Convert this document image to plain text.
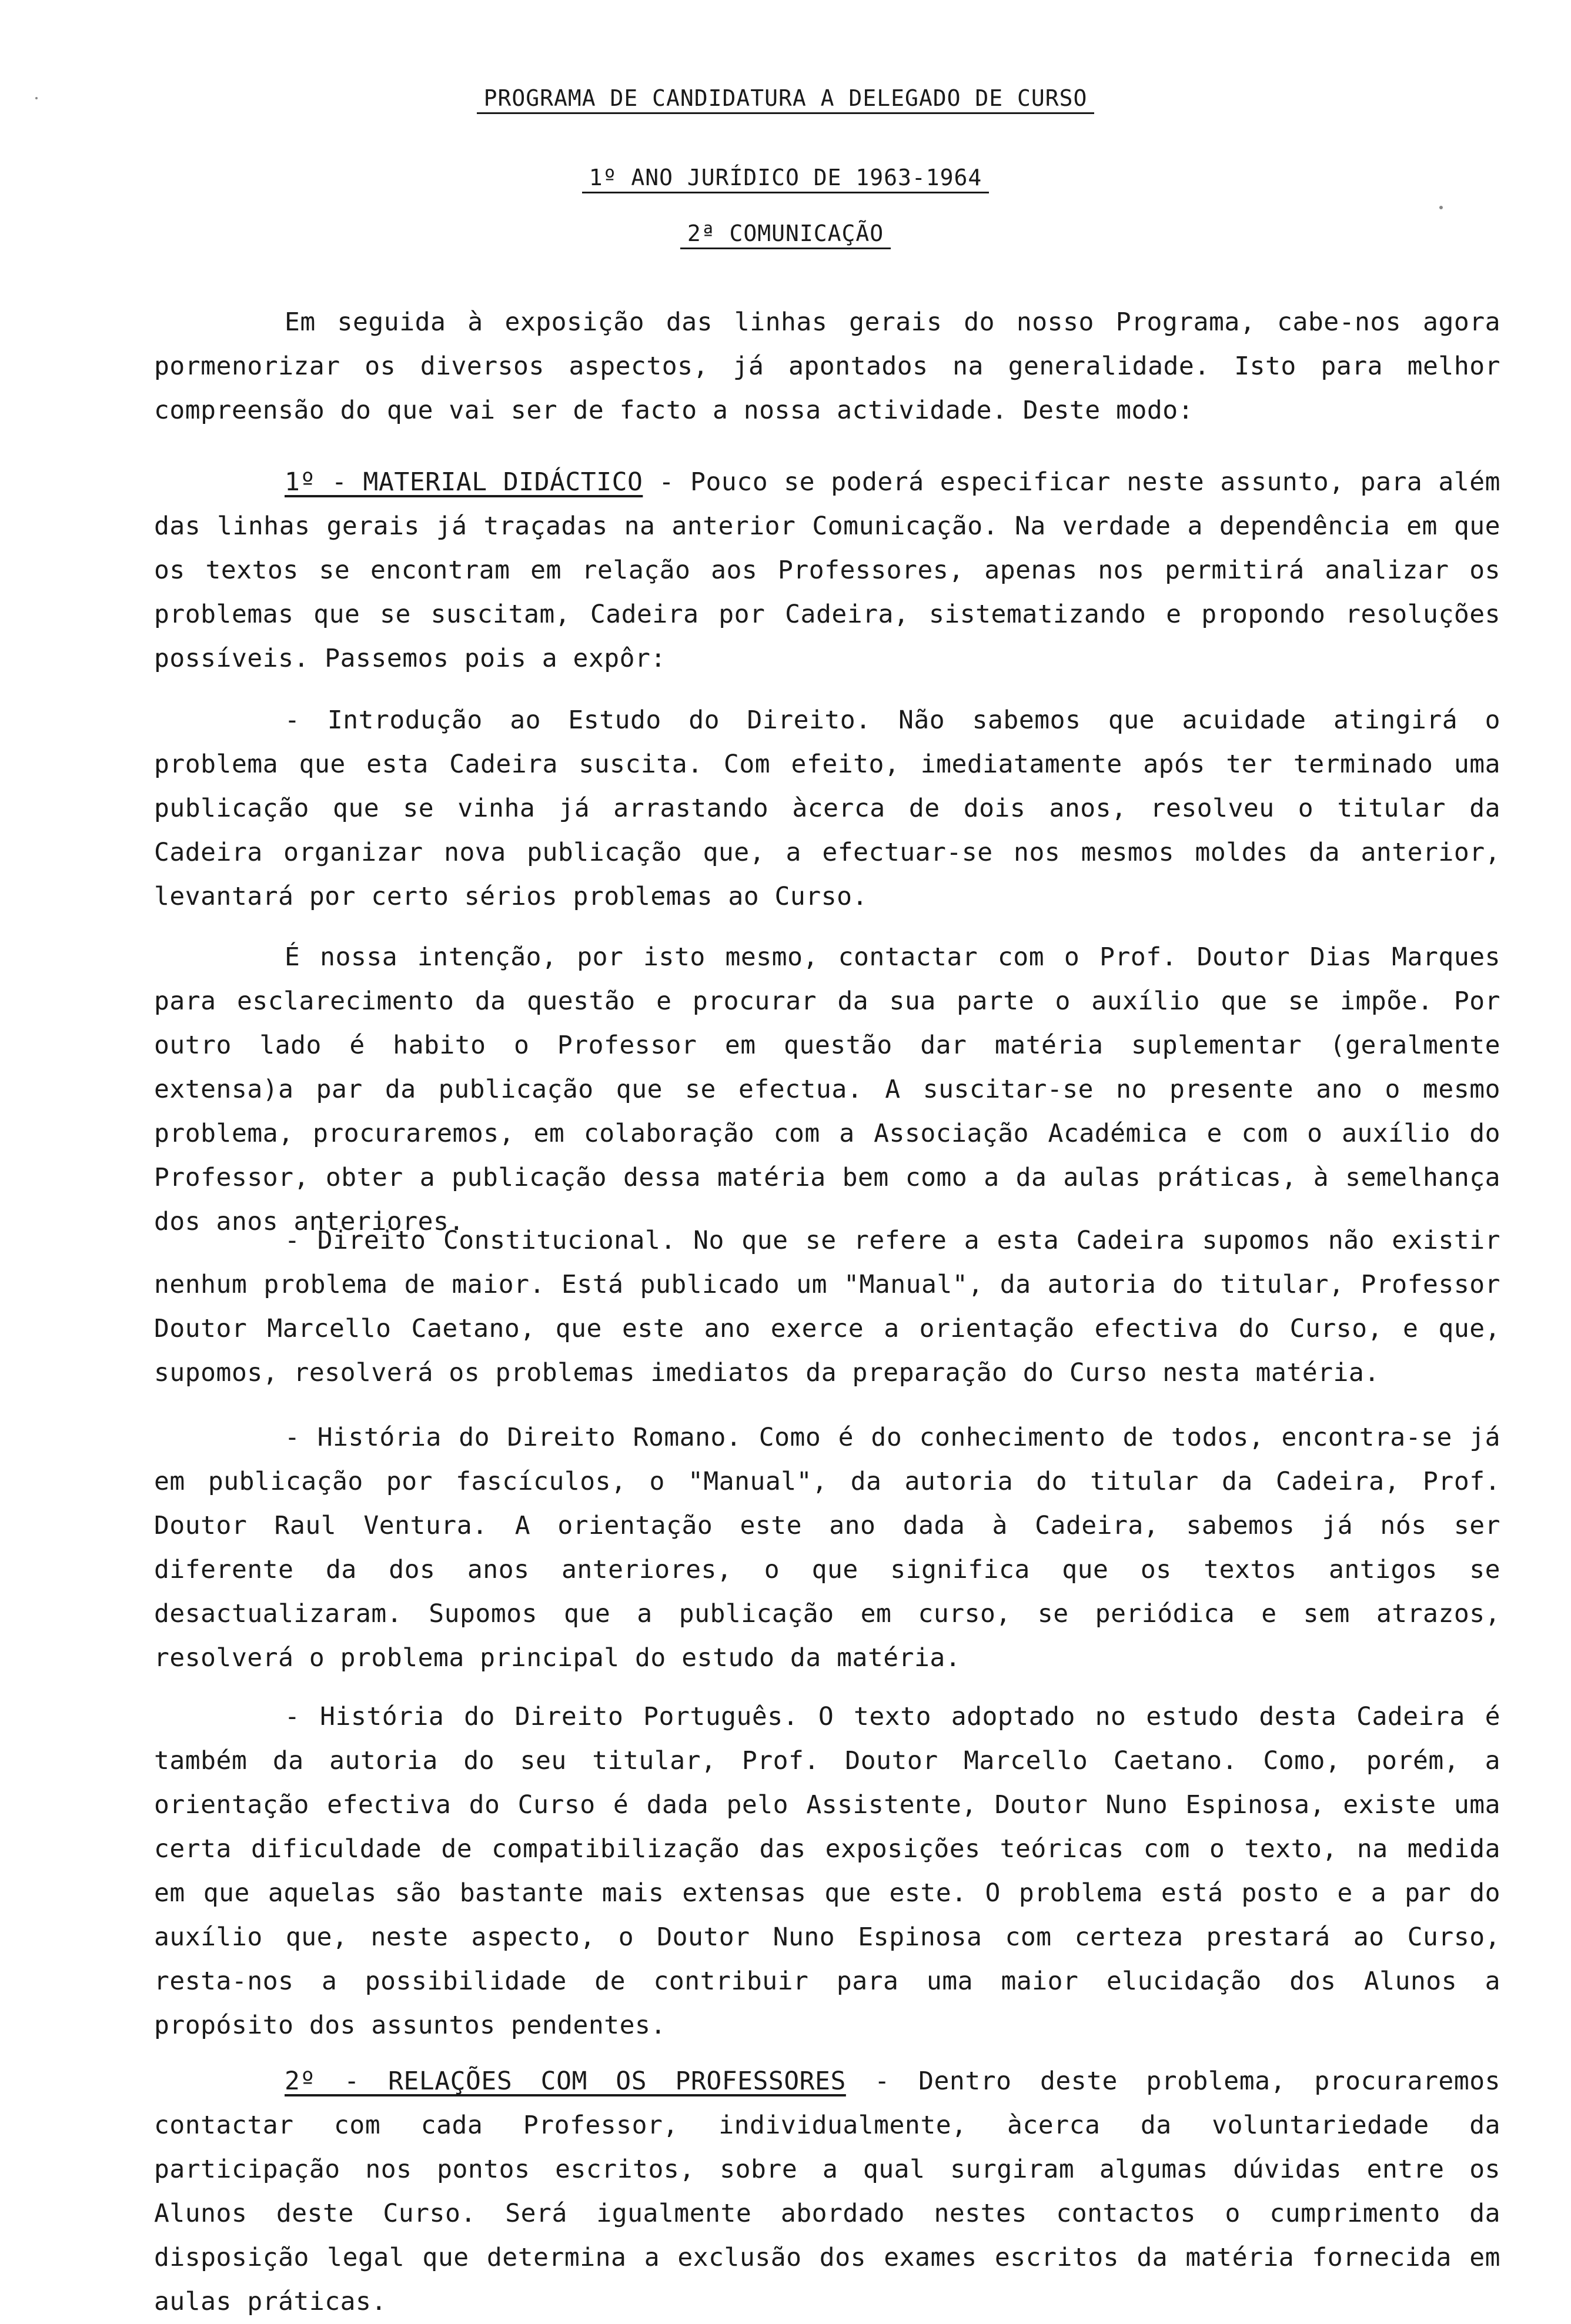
PROGRAMA DE CANDIDATURA A DELEGADO DE CURSO
1º ANO JURÍDICO DE 1963-1964
2ª COMUNICAÇÃO

Em seguida à exposição das linhas gerais do nosso Programa, cabe-nos agora pormenorizar os diversos aspectos, já apontados na generalidade. Isto para melhor compreensão do que vai ser de facto a nossa actividade. Deste modo:

1º - MATERIAL DIDÁCTICO - Pouco se poderá especificar neste assunto, para além das linhas gerais já traçadas na anterior Comunicação. Na verdade a dependência em que os textos se encontram em relação aos Professores, apenas nos permitirá analizar os problemas que se suscitam, Cadeira por Cadeira, sistematizando e propondo resoluções possíveis. Passemos pois a expôr:

- Introdução ao Estudo do Direito. Não sabemos que acuidade atingirá o problema que esta Cadeira suscita. Com efeito, imediatamente após ter terminado uma publicação que se vinha já arrastando àcerca de dois anos, resolveu o titular da Cadeira organizar nova publicação que, a efectuar-se nos mesmos moldes da anterior, levantará por certo sérios problemas ao Curso.

É nossa intenção, por isto mesmo, contactar com o Prof. Doutor Dias Marques para esclarecimento da questão e procurar da sua parte o auxílio que se impõe. Por outro lado é habito o Professor em questão dar matéria suplementar (geralmente extensa)a par da publicação que se efectua. A suscitar-se no presente ano o mesmo problema, procuraremos, em colaboração com a Associação Académica e com o auxílio do Professor, obter a publicação dessa matéria bem como a da aulas práticas, à semelhança dos anos anteriores.

- Direito Constitucional. No que se refere a esta Cadeira supomos não existir nenhum problema de maior. Está publicado um "Manual", da autoria do titular, Professor Doutor Marcello Caetano, que este ano exerce a orientação efectiva do Curso, e que, supomos, resolverá os problemas imediatos da preparação do Curso nesta matéria.

- História do Direito Romano. Como é do conhecimento de todos, encontra-se já em publicação por fascículos, o "Manual", da autoria do titular da Cadeira, Prof. Doutor Raul Ventura. A orientação este ano dada à Cadeira, sabemos já nós ser diferente da dos anos anteriores, o que significa que os textos antigos se desactualizaram. Supomos que a publicação em curso, se periódica e sem atrazos, resolverá o problema principal do estudo da matéria.

- História do Direito Português. O texto adoptado no estudo desta Cadeira é também da autoria do seu titular, Prof. Doutor Marcello Caetano. Como, porém, a orientação efectiva do Curso é dada pelo Assistente, Doutor Nuno Espinosa, existe uma certa dificuldade de compatibilização das exposições teóricas com o texto, na medida em que aquelas são bastante mais extensas que este. O problema está posto e a par do auxílio que, neste aspecto, o Doutor Nuno Espinosa com certeza prestará ao Curso, resta-nos a possibilidade de contribuir para uma maior elucidação dos Alunos a propósito dos assuntos pendentes.

2º - RELAÇÕES COM OS PROFESSORES - Dentro deste problema, procuraremos contactar com cada Professor, individualmente, àcerca da voluntariedade da participação nos pontos escritos, sobre a qual surgiram algumas dúvidas entre os Alunos deste Curso. Será igualmente abordado nestes contactos o cumprimento da disposição legal que determina a exclusão dos exames escritos da matéria fornecida em aulas práticas.
